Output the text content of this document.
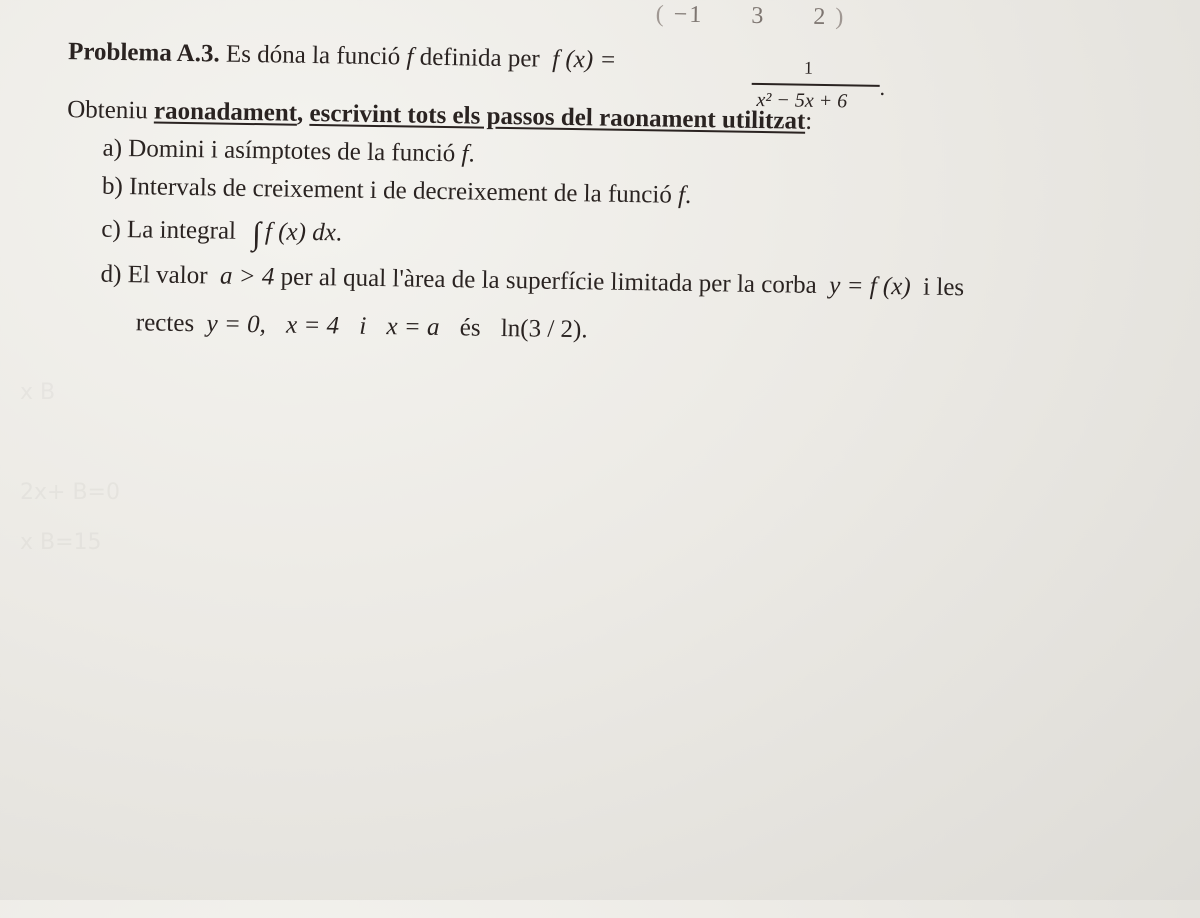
x B
2x+ B=0
x B=15
( −1 3 2 )
Problema A.3. Es dóna la funció f definida per f (x) =	1
x² − 5x + 6
.
Obteniu raonadament, escrivint tots els passos del raonament utilitzat:
a) Domini i asímptotes de la funció f.
b) Intervals de creixement i de decreixement de la funció f.
c) La integral ∫ f (x) dx.
d) El valor a > 4 per al qual l'àrea de la superfície limitada per la corba y = f (x) i les
rectes y = 0, x = 4 i x = a és ln(3 / 2).
